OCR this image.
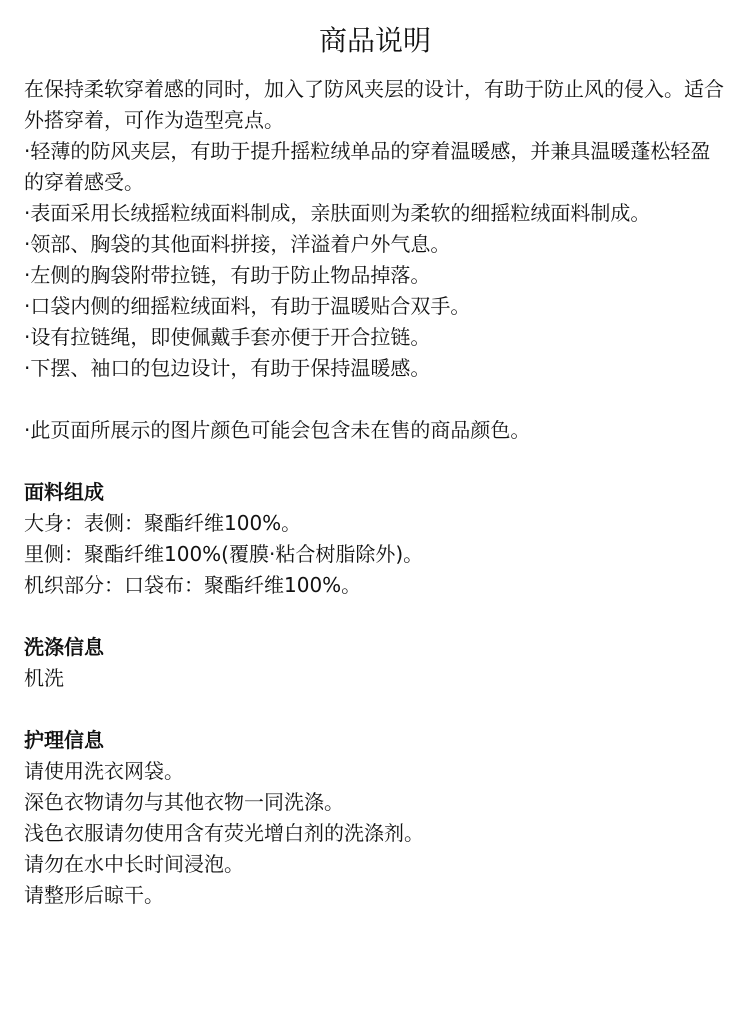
商品说明

在保持柔软穿着感的同时，加入了防风夹层的设计，有助于防止风的侵入。适合外搭穿着，可作为造型亮点。

·轻薄的防风夹层，有助于提升摇粒绒单品的穿着温暖感，并兼具温暖蓬松轻盈的穿着感受。

·表面采用长绒摇粒绒面料制成，亲肤面则为柔软的细摇粒绒面料制成。

·领部、胸袋的其他面料拼接，洋溢着户外气息。

·左侧的胸袋附带拉链，有助于防止物品掉落。

·口袋内侧的细摇粒绒面料，有助于温暖贴合双手。

·设有拉链绳，即使佩戴手套亦便于开合拉链。

·下摆、袖口的包边设计，有助于保持温暖感。

·此页面所展示的图片颜色可能会包含未在售的商品颜色。

面料组成

大身：表侧：聚酯纤维100%。

里侧：聚酯纤维100%(覆膜·粘合树脂除外)。

机织部分：口袋布：聚酯纤维100%。

洗涤信息

机洗

护理信息

请使用洗衣网袋。

深色衣物请勿与其他衣物一同洗涤。

浅色衣服请勿使用含有荧光增白剂的洗涤剂。

请勿在水中长时间浸泡。

请整形后晾干。
